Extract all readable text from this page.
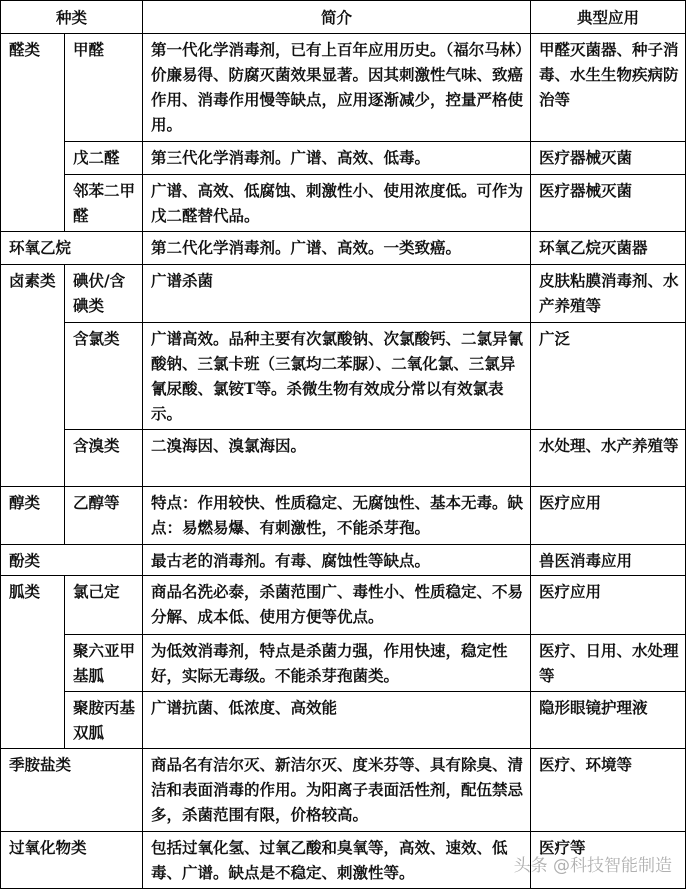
种类		简介	典型应用
醛类	甲醛	第一代化学消毒剂，已有上百年应用历史。（福尔马林）价廉易得、防腐灭菌效果显著。因其刺激性气味、致癌作用、消毒作用慢等缺点，应用逐渐减少，控量严格使用。	甲醛灭菌器、种子消毒、水生生物疾病防治等
	戊二醛	第三代化学消毒剂。广谱、高效、低毒。	医疗器械灭菌
	邻苯二甲醛	广谱、高效、低腐蚀、刺激性小、使用浓度低。可作为戊二醛替代品。	医疗器械灭菌
环氧乙烷		第二代化学消毒剂。广谱、高效。一类致癌。	环氧乙烷灭菌器
卤素类	碘伏/含碘类	广谱杀菌	皮肤粘膜消毒剂、水产养殖等
	含氯类	广谱高效。品种主要有次氯酸钠、次氯酸钙、二氯异氰酸钠、三氯卡班（三氯均二苯脲）、二氧化氯、三氯异氰尿酸、氯铵T等。杀微生物有效成分常以有效氯表示。	广泛
	含溴类	二溴海因、溴氯海因。	水处理、水产养殖等
醇类	乙醇等	特点：作用较快、性质稳定、无腐蚀性、基本无毒。缺点：易燃易爆、有刺激性，不能杀芽孢。	医疗应用
酚类		最古老的消毒剂。有毒、腐蚀性等缺点。	兽医消毒应用
胍类	氯己定	商品名洗必泰，杀菌范围广、毒性小、性质稳定、不易分解、成本低、使用方便等优点。	医疗应用
	聚六亚甲基胍	为低效消毒剂，特点是杀菌力强，作用快速，稳定性好，实际无毒级。不能杀芽孢菌类。	医疗、日用、水处理等
	聚胺丙基双胍	广谱抗菌、低浓度、高效能	隐形眼镜护理液
季胺盐类		商品名有洁尔灭、新洁尔灭、度米芬等、具有除臭、清洁和表面消毒的作用。为阳离子表面活性剂，配伍禁忌多，杀菌范围有限，价格较高。	医疗、环境等
过氧化物类		包括过氧化氢、过氧乙酸和臭氧等，高效、速效、低毒、广谱。缺点是不稳定、刺激性等。	医疗等
头条 @科技智能制造
